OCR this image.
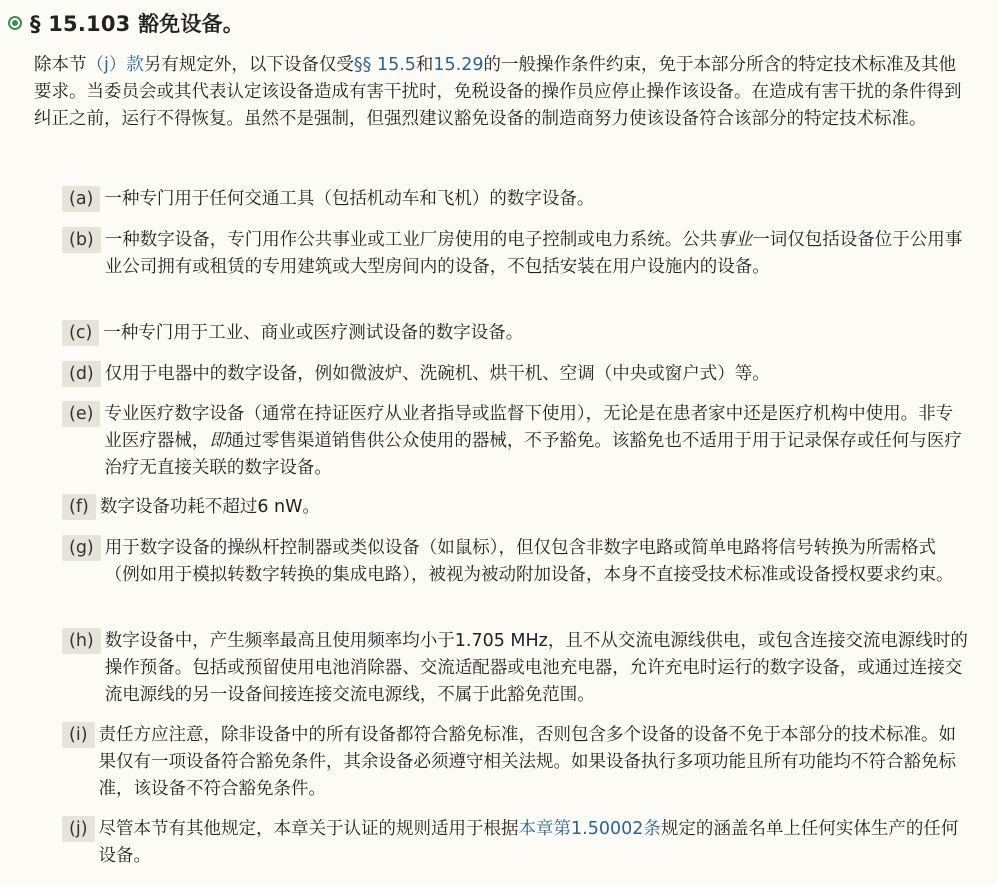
§ 15.103 豁免设备。
除本节（j）款另有规定外，以下设备仅受§§ 15.5和15.29的一般操作条件约束，免于本部分所含的特定技术标准及其他要求。当委员会或其代表认定该设备造成有害干扰时，免税设备的操作员应停止操作该设备。在造成有害干扰的条件得到纠正之前，运行不得恢复。虽然不是强制，但强烈建议豁免设备的制造商努力使该设备符合该部分的特定技术标准。
(a) 一种专门用于任何交通工具（包括机动车和飞机）的数字设备。
(b) 一种数字设备，专门用作公共事业或工业厂房使用的电子控制或电力系统。公共事业一词仅包括设备位于公用事业公司拥有或租赁的专用建筑或大型房间内的设备，不包括安装在用户设施内的设备。
(c) 一种专门用于工业、商业或医疗测试设备的数字设备。
(d) 仅用于电器中的数字设备，例如微波炉、洗碗机、烘干机、空调（中央或窗户式）等。
(e) 专业医疗数字设备（通常在持证医疗从业者指导或监督下使用），无论是在患者家中还是医疗机构中使用。非专业医疗器械，即通过零售渠道销售供公众使用的器械，不予豁免。该豁免也不适用于用于记录保存或任何与医疗治疗无直接关联的数字设备。
(f) 数字设备功耗不超过6 nW。
(g) 用于数字设备的操纵杆控制器或类似设备（如鼠标），但仅包含非数字电路或简单电路将信号转换为所需格式（例如用于模拟转数字转换的集成电路），被视为被动附加设备，本身不直接受技术标准或设备授权要求约束。
(h) 数字设备中，产生频率最高且使用频率均小于1.705 MHz，且不从交流电源线供电，或包含连接交流电源线时的操作预备。包括或预留使用电池消除器、交流适配器或电池充电器，允许充电时运行的数字设备，或通过连接交流电源线的另一设备间接连接交流电源线，不属于此豁免范围。
(i) 责任方应注意，除非设备中的所有设备都符合豁免标准，否则包含多个设备的设备不免于本部分的技术标准。如果仅有一项设备符合豁免条件，其余设备必须遵守相关法规。如果设备执行多项功能且所有功能均不符合豁免标准，该设备不符合豁免条件。
(j) 尽管本节有其他规定，本章关于认证的规则适用于根据本章第1.50002条规定的涵盖名单上任何实体生产的任何设备。
